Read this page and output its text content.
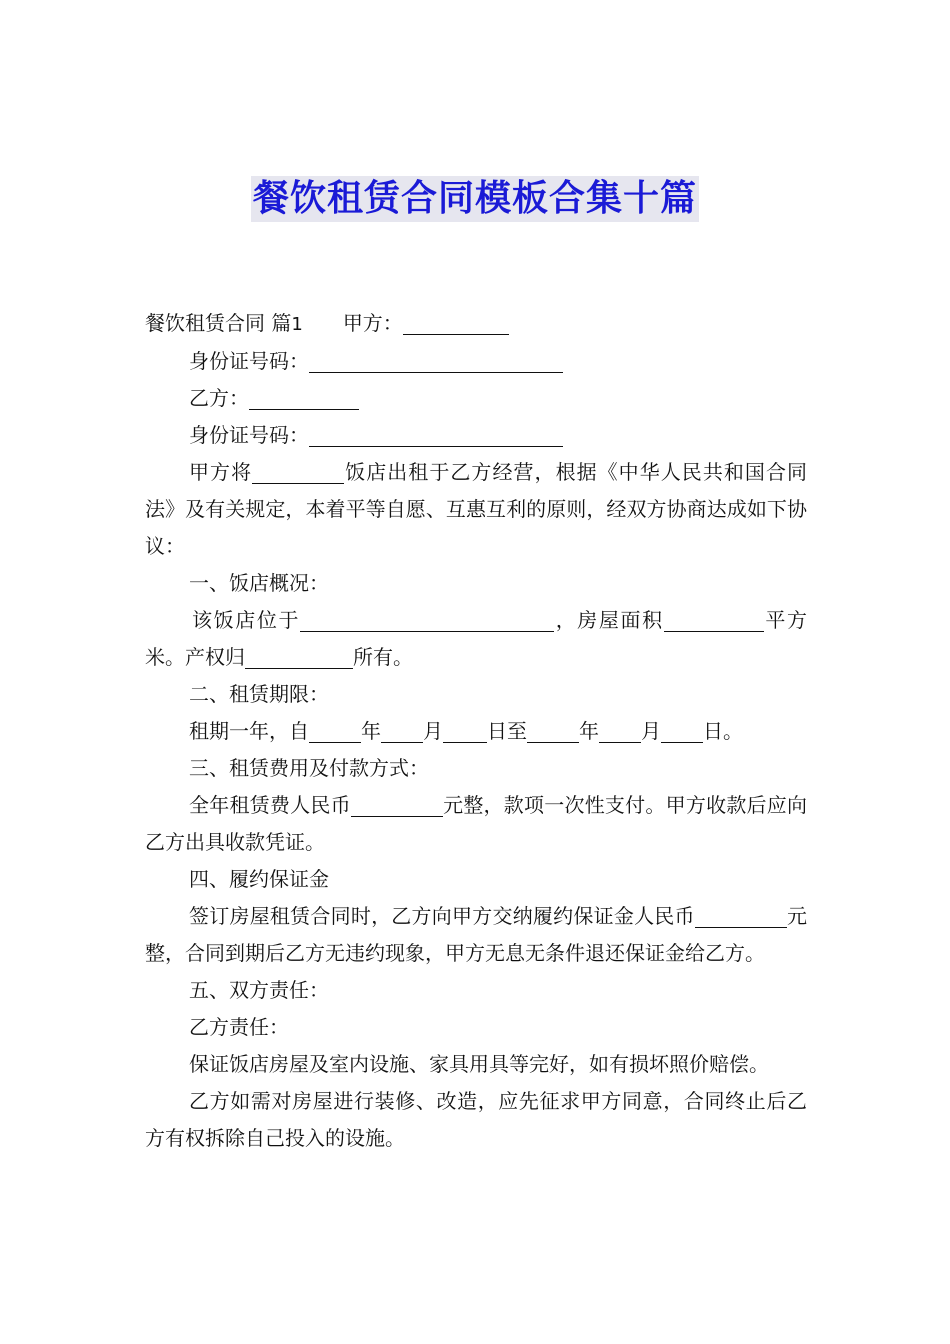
餐饮租赁合同模板合集十篇

餐饮租赁合同 篇1 甲方：

身份证号码：

乙方：

身份证号码：

甲方将	饭店出租于乙方经营，根据《中华人民共和国合同法》及有关规定，本着平等自愿、互惠互利的原则，经双方协商达成如下协议：

一、饭店概况：

该饭店位于	，房屋面积	平方米。产权归	所有。

二、租赁期限：

租期一年，自	年 月 日至	年 月 日。

三、租赁费用及付款方式：

全年租赁费人民币	元整，款项一次性支付。甲方收款后应向乙方出具收款凭证。

四、履约保证金

签订房屋租赁合同时，乙方向甲方交纳履约保证金人民币	元整，合同到期后乙方无违约现象，甲方无息无条件退还保证金给乙方。

五、双方责任：

乙方责任：

保证饭店房屋及室内设施、家具用具等完好，如有损坏照价赔偿。

乙方如需对房屋进行装修、改造，应先征求甲方同意，合同终止后乙方有权拆除自己投入的设施。
